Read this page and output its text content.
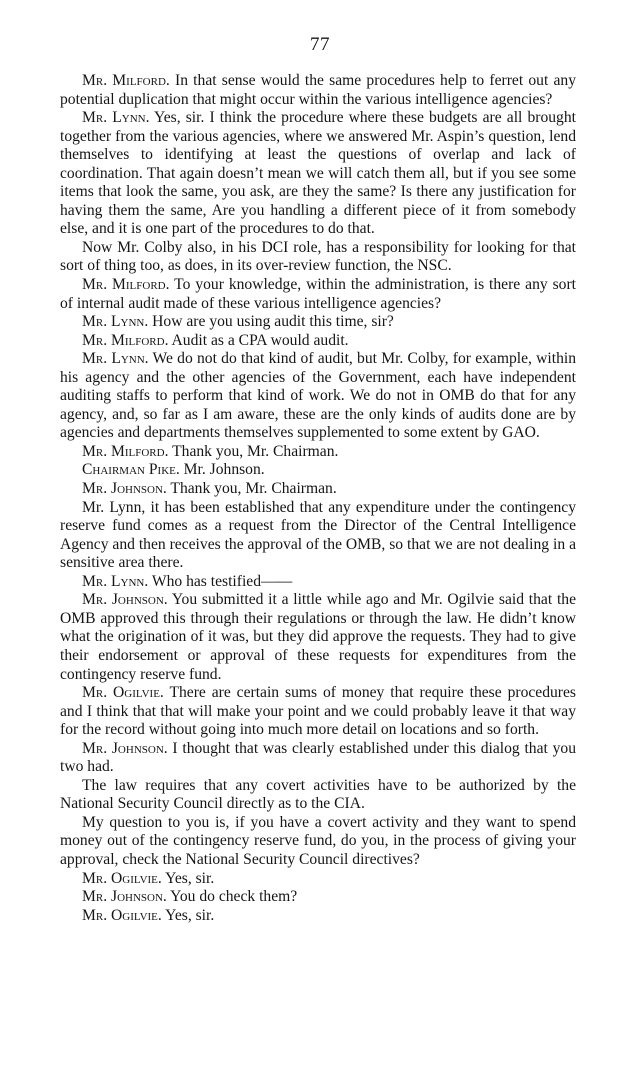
77

Mr. Milford. In that sense would the same procedures help to ferret out any potential duplication that might occur within the various intelligence agencies?

Mr. Lynn. Yes, sir. I think the procedure where these budgets are all brought together from the various agencies, where we answered Mr. Aspin’s question, lend themselves to identifying at least the questions of overlap and lack of coordination. That again doesn’t mean we will catch them all, but if you see some items that look the same, you ask, are they the same? Is there any justification for having them the same, Are you handling a different piece of it from somebody else, and it is one part of the procedures to do that.

Now Mr. Colby also, in his DCI role, has a responsibility for looking for that sort of thing too, as does, in its over-review function, the NSC.

Mr. Milford. To your knowledge, within the administration, is there any sort of internal audit made of these various intelligence agencies?

Mr. Lynn. How are you using audit this time, sir?

Mr. Milford. Audit as a CPA would audit.

Mr. Lynn. We do not do that kind of audit, but Mr. Colby, for example, within his agency and the other agencies of the Government, each have independent auditing staffs to perform that kind of work. We do not in OMB do that for any agency, and, so far as I am aware, these are the only kinds of audits done are by agencies and departments themselves supplemented to some extent by GAO.

Mr. Milford. Thank you, Mr. Chairman.

Chairman Pike. Mr. Johnson.

Mr. Johnson. Thank you, Mr. Chairman.

Mr. Lynn, it has been established that any expenditure under the contingency reserve fund comes as a request from the Director of the Central Intelligence Agency and then receives the approval of the OMB, so that we are not dealing in a sensitive area there.

Mr. Lynn. Who has testified——

Mr. Johnson. You submitted it a little while ago and Mr. Ogilvie said that the OMB approved this through their regulations or through the law. He didn’t know what the origination of it was, but they did approve the requests. They had to give their endorsement or approval of these requests for expenditures from the contingency reserve fund.

Mr. Ogilvie. There are certain sums of money that require these procedures and I think that that will make your point and we could probably leave it that way for the record without going into much more detail on locations and so forth.

Mr. Johnson. I thought that was clearly established under this dialog that you two had.

The law requires that any covert activities have to be authorized by the National Security Council directly as to the CIA.

My question to you is, if you have a covert activity and they want to spend money out of the contingency reserve fund, do you, in the process of giving your approval, check the National Security Council directives?

Mr. Ogilvie. Yes, sir.

Mr. Johnson. You do check them?

Mr. Ogilvie. Yes, sir.
